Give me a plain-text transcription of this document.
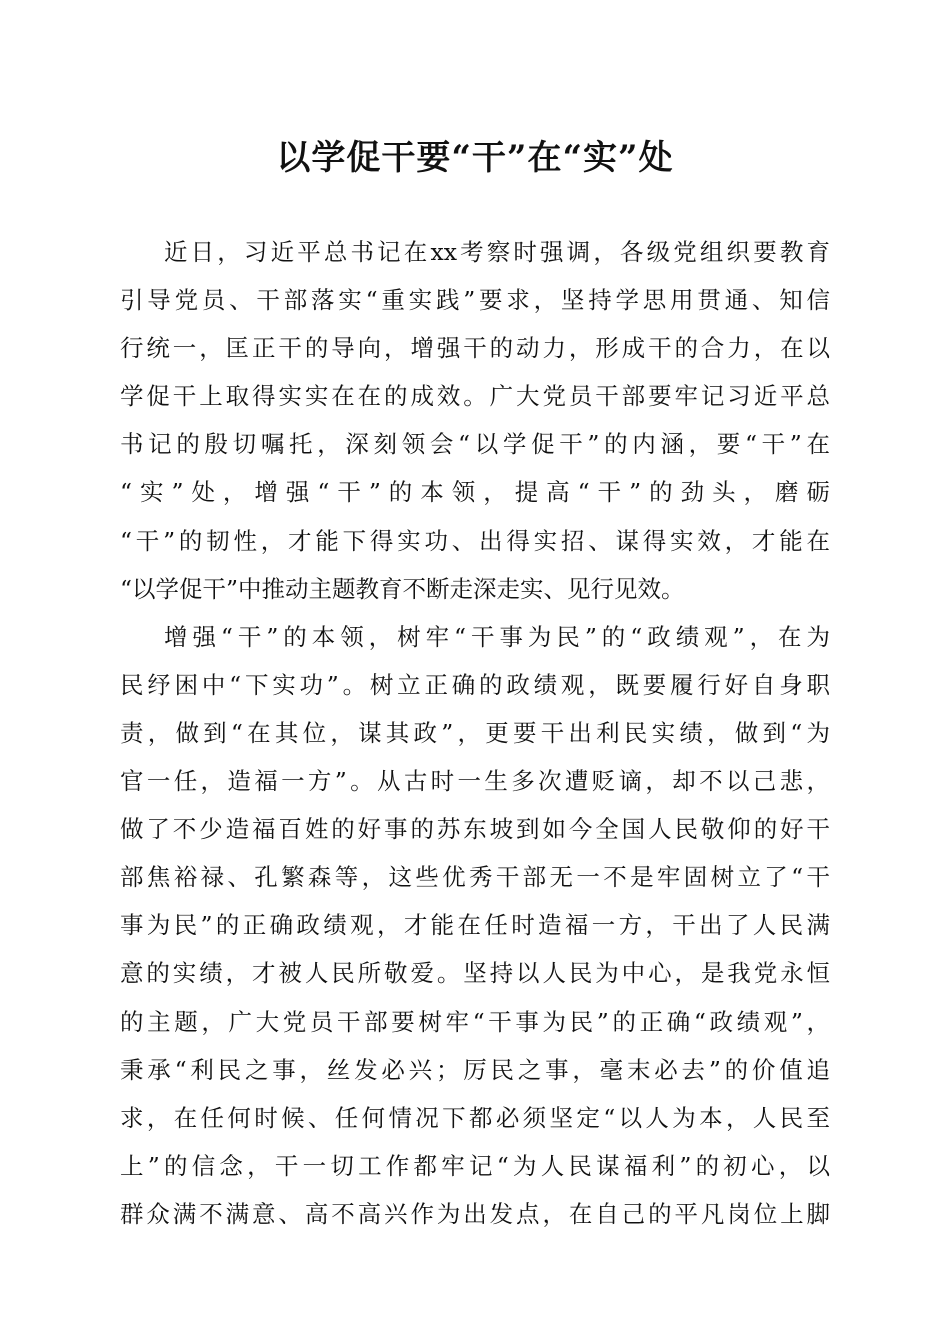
以学促干要“干”在“实”处
近日，习近平总书记在xx考察时强调，各级党组织要教育
引导党员、干部落实“重实践”要求，坚持学思用贯通、知信
行统一，匡正干的导向，增强干的动力，形成干的合力，在以
学促干上取得实实在在的成效。广大党员干部要牢记习近平总
书记的殷切嘱托，深刻领会“以学促干”的内涵，要“干”在
“实”处，增强“干”的本领，提高“干”的劲头，磨砺
“干”的韧性，才能下得实功、出得实招、谋得实效，才能在
“以学促干”中推动主题教育不断走深走实、见行见效。
增强“干”的本领，树牢“干事为民”的“政绩观”，在为
民纾困中“下实功”。树立正确的政绩观，既要履行好自身职
责，做到“在其位，谋其政”，更要干出利民实绩，做到“为
官一任，造福一方”。从古时一生多次遭贬谪，却不以己悲，
做了不少造福百姓的好事的苏东坡到如今全国人民敬仰的好干
部焦裕禄、孔繁森等，这些优秀干部无一不是牢固树立了“干
事为民”的正确政绩观，才能在任时造福一方，干出了人民满
意的实绩，才被人民所敬爱。坚持以人民为中心，是我党永恒
的主题，广大党员干部要树牢“干事为民”的正确“政绩观”，
秉承“利民之事，丝发必兴；厉民之事，毫末必去”的价值追
求，在任何时候、任何情况下都必须坚定“以人为本，人民至
上”的信念，干一切工作都牢记“为人民谋福利”的初心，以
群众满不满意、高不高兴作为出发点，在自己的平凡岗位上脚
